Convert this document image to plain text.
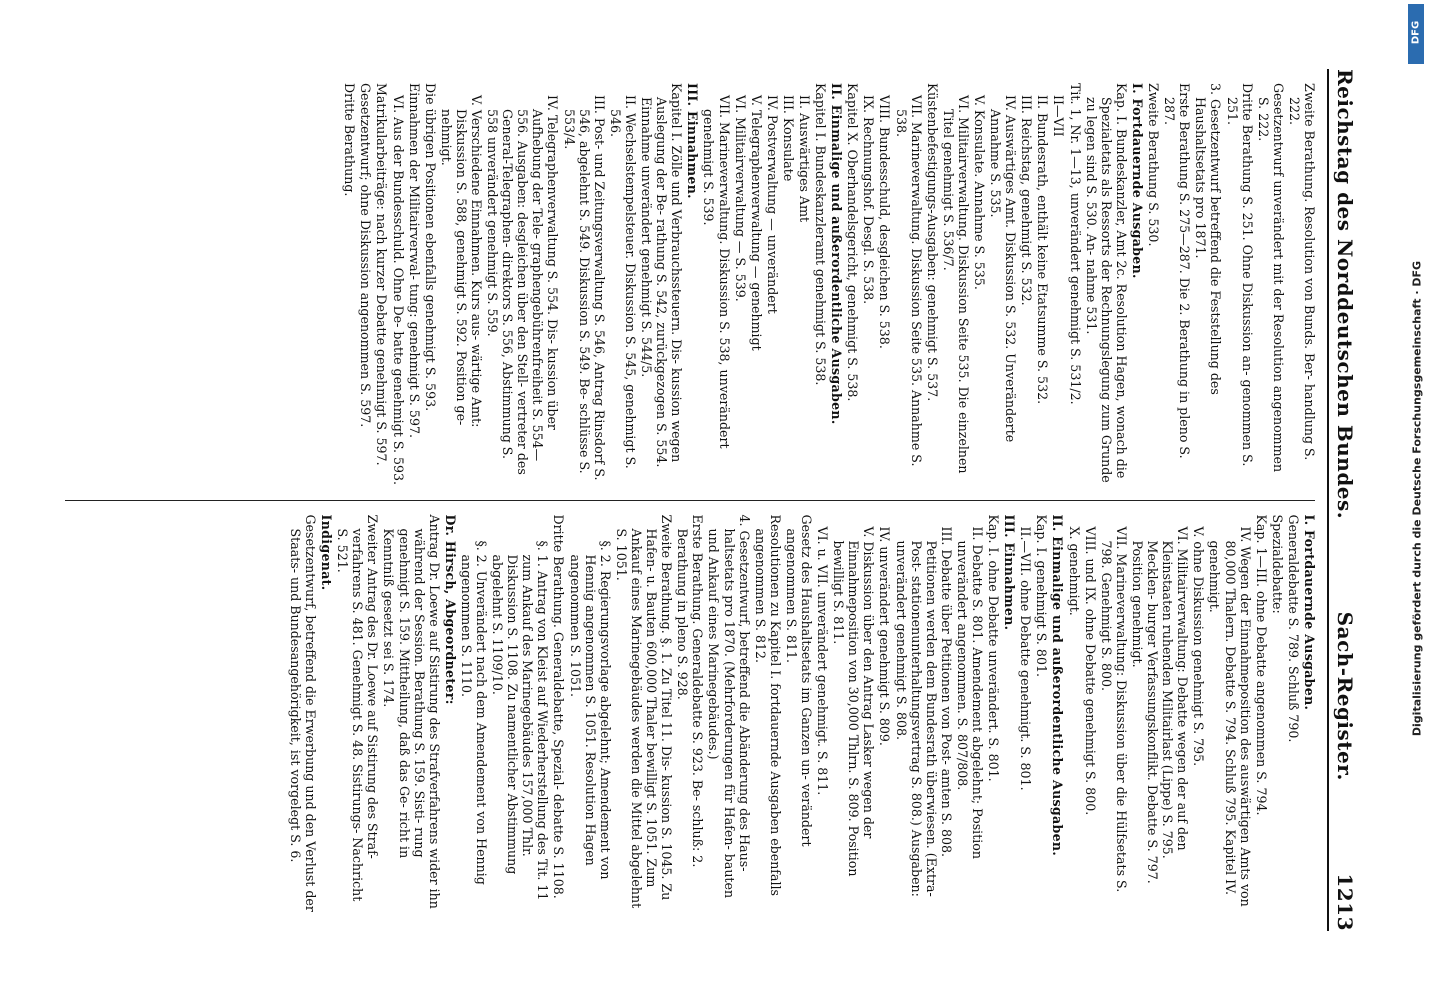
Reichstag des Norddeutschen Bundes.
Sach-Register.
1213
Zweite Berathung. Resolution von Bunds. Ber- handlung S. 222.
Gesetzentwurf unverändert mit der Resolution angenommen S. 222.
Dritte Berathung S. 251. Ohne Diskussion an- genommen S. 251.
3. Gesetzentwurf betreffend die Feststellung des Haushaltsetats pro 1871.
Erste Berathung S. 275—287. Die 2. Berathung in pleno S. 287.
Zweite Berathung S. 530.
I. Fortdauernde Ausgaben.
Kap. I. Bundeskanzler, Amt 2c. Resolution Hagen, wonach die Spezialetats als Ressorts der Rechnungslegung zum Grunde zu legen sind S. 530. An- nahme 531.
Tit. 1, Nr. 1—13, unverändert genehmigt S. 531/2.
II—VII
II. Bundesrath, enthält keine Etatsumme S. 532.
III. Reichstag, genehmigt S. 532.
IV. Auswärtiges Amt. Diskussion S. 532. Unveränderte Annahme S. 535.
V. Konsulate. Annahme S. 535.
VI. Militairverwaltung. Diskussion Seite 535. Die einzelnen Titel genehmigt S. 536/7.
Küstenbefestigungs-Ausgaben: genehmigt S. 537.
VII. Marineverwaltung. Diskussion Seite 535. Annahme S. 538.
VIII. Bundesschuld, desgleichen S. 538.
IX. Rechnungshof. Desgl. S. 538.
Kapitel X. Oberhandelsgericht, genehmigt S. 538.
II. Einmalige und außerordentliche Ausgaben.
Kapitel I. Bundeskanzleramt genehmigt S. 538.
II. Auswärtiges Amt
III. Konsulate
IV. Postverwaltung — unverändert
V. Telegraphenverwaltung — genehmigt
VI. Militairverwaltung — S. 539.
VII. Marineverwaltung. Diskussion S. 538, unverändert genehmigt S. 539.
III. Einnahmen.
Kapitel I. Zölle und Verbrauchssteuern. Dis- kussion wegen Auslegung der Be- rathung S. 542, zurückgezogen S. 554. Einnahme unverändert genehmigt S. 544/5.
II. Wechselstempelsteuer. Diskussion S. 545, genehmigt S. 546.
III. Post- und Zeitungsverwaltung S. 546, Antrag Rinsdorf S. 546, abgelehnt S. 549. Diskussion S. 549. Be- schlüsse S. 553/4.
IV. Telegraphenverwaltung S. 554. Dis- kussion über Aufhebung der Tele- graphengebührenfreiheit S. 554—556. Ausgaben: desgleichen über den Stell- vertreter des General-Telegraphen- direktors S. 556, Abstimmung S. 558 unverändert genehmigt S. 559.
V. Verschiedene Einnahmen. Kurs aus- wärtige Amt: Diskussion S. 588, genehmigt S. 592. Position ge- nehmigt.
Die übrigen Positionen ebenfalls genehmigt S. 593.
Einnahmen der Militairverwal- tung: genehmigt S. 597.
VI. Aus der Bundesschuld. Ohne De- batte genehmigt S. 593.
Matrikularbeiträge: nach kurzer Debatte genehmigt S. 597.
Gesetzentwurf; ohne Diskussion angenommen S. 597.
Dritte Berathung.
I. Fortdauernde Ausgaben.
Generaldebatte S. 789. Schluß 790.
Spezialdebatte:
Kap. 1—III. ohne Debatte angenommen S. 794.
IV. Wegen der Einnahmeposition des auswärtigen Amts von 80,000 Thalern. Debatte S. 794. Schluß 795. Kapitel IV. genehmigt.
V. ohne Diskussion genehmigt S. 795.
VI. Militairverwaltung: Debatte wegen der auf den Kleinstaaten ruhenden Militairlast (Lippe) S. 795. Mecklen- burger Verfassungskonflikt. Debatte S. 797. Position genehmigt.
VII. Marineverwaltung: Diskussion über die Hülfsetats S. 798. Genehmigt S. 800.
VIII. und IX. ohne Debatte genehmigt S. 800.
X. genehmigt.
II. Einmalige und außerordentliche Ausgaben.
Kap. I. genehmigt S. 801.
II.—VII. ohne Debatte genehmigt. S. 801.
III. Einnahmen.
Kap. I. ohne Debatte unverändert. S. 801.
II. Debatte S. 801. Amendement abgelehnt; Position unverändert angenommen. S. 807/808.
III. Debatte über Petitionen von Post- amten S. 808. Petitionen werden dem Bundesrath überwiesen. (Extra-Post- stationenunterhaltungsvertrag S. 808.) Ausgaben: unverändert genehmigt S. 808.
IV. unverändert genehmigt S. 809.
V. Diskussion über den Antrag Lasker wegen der Einnahmeposition von 30,000 Thlrn. S. 809. Position bewilligt S. 811.
VI. u. VII. unverändert genehmigt. S. 811.
Gesetz des Haushaltsetats im Ganzen un- verändert angenommen S. 811.
Resolutionen zu Kapitel I. fortdauernde Ausgaben ebenfalls angenommen S. 812.
4. Gesetzentwurf, betreffend die Abänderung des Haus- haltsetats pro 1870. (Mehrforderungen für Hafen- bauten und Ankauf eines Marinegebäudes.)
Erste Berathung. Generaldebatte S. 923. Be- schluß: 2. Berathung in pleno S. 928.
Zweite Berathung. §. 1. Zu Titel 11. Dis- kussion S. 1045. Zu Hafen- u. Bauten 600,000 Thaler bewilligt S. 1051. Zum Ankauf eines Marinegebäudes werden die Mittel abgelehnt S. 1051.
§. 2. Regierungsvorlage abgelehnt; Amendement von Hennig angenommen S. 1051. Resolution Hagen angenommen S. 1051.
Dritte Berathung. Generaldebatte, Spezial- debatte S. 1108.
§. 1. Antrag von Kleist auf Wiederherstellung des Tit. 11 zum Ankauf des Marinegebäudes 157,000 Thlr. Diskussion S. 1108. Zu namentlicher Abstimmung abgelehnt S. 1109/10.
§. 2. Unverändert nach dem Amendement von Hennig angenommen S. 1110.
Dr. Hirsch, Abgeordneter:
Antrag Dr. Loewe auf Sistirung des Strafverfahrens wider ihn während der Session. Berathung S. 159. Sisti- rung genehmigt S. 159. Mittheilung, daß das Ge- richt in Kenntniß gesetzt sei S. 174.
Zweiter Antrag des Dr. Loewe auf Sistirung des Straf- verfahrens S. 481. Genehmigt S. 48. Sistirungs- Nachricht S. 521.
Indigenat.
Gesetzentwurf, betreffend die Erwerbung und den Verlust der Staats- und Bundesangehörigkeit, ist vorgelegt S. 6.	Digitalisierung gefördert durch die Deutsche Forschungsgemeinschaft · DFG
DFG
